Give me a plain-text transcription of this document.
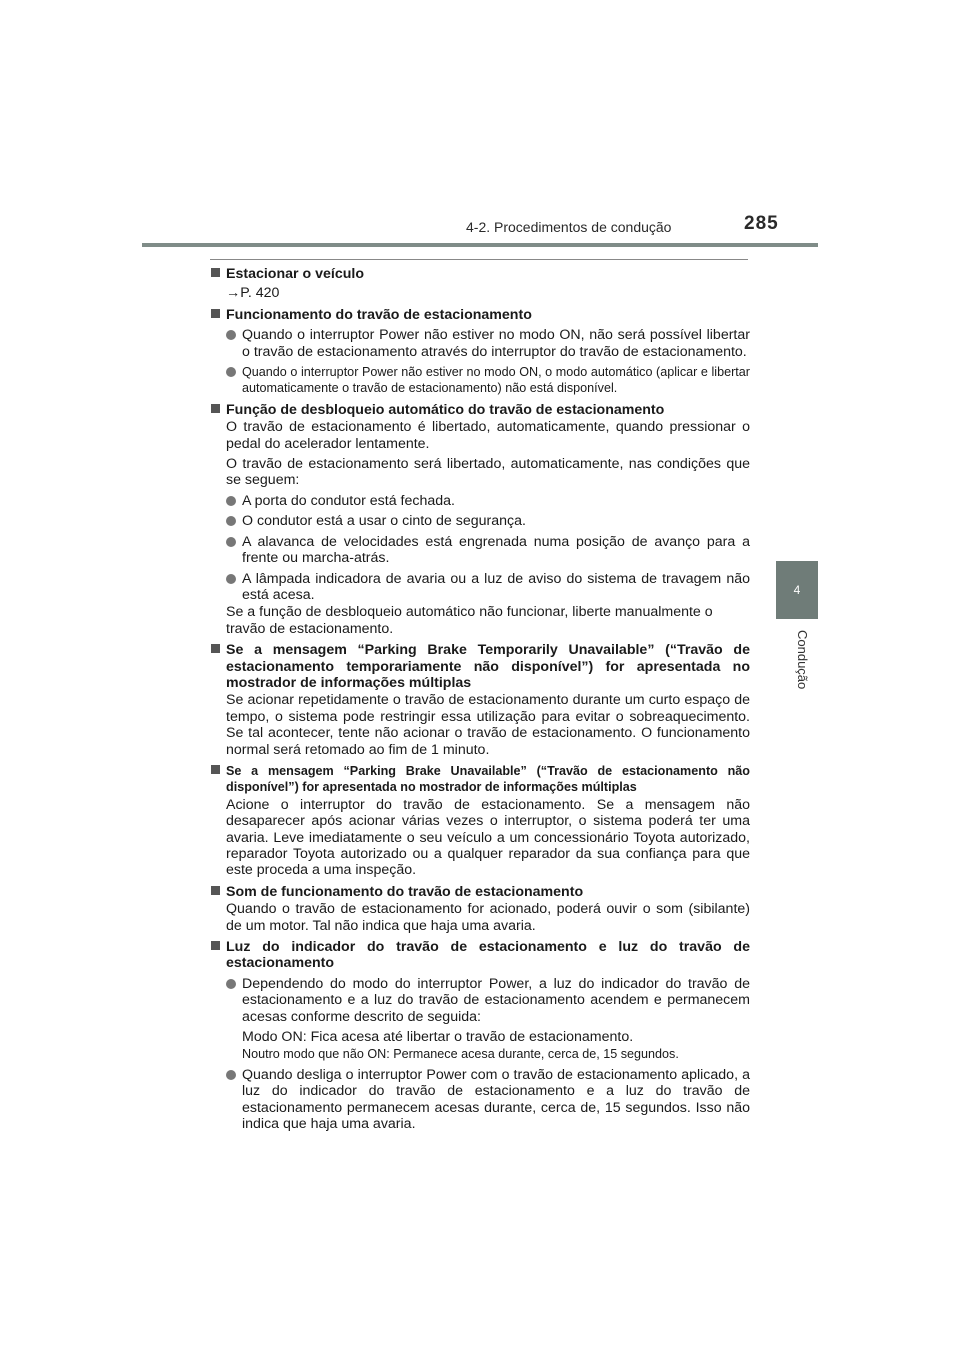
4-2. Procedimentos de condução	285
4
Condução
Estacionar o veículo
→P. 420
Funcionamento do travão de estacionamento
Quando o interruptor Power não estiver no modo ON, não será possível libertar o travão de estacionamento através do interruptor do travão de estacionamento.
Quando o interruptor Power não estiver no modo ON, o modo automático (aplicar e libertar automaticamente o travão de estacionamento) não está disponível.
Função de desbloqueio automático do travão de estacionamento
O travão de estacionamento é libertado, automaticamente, quando pressionar o pedal do acelerador lentamente.
O travão de estacionamento será libertado, automaticamente, nas condições que se seguem:
A porta do condutor está fechada.
O condutor está a usar o cinto de segurança.
A alavanca de velocidades está engrenada numa posição de avanço para a frente ou marcha-atrás.
A lâmpada indicadora de avaria ou a luz de aviso do sistema de travagem não está acesa.
Se a função de desbloqueio automático não funcionar, liberte manualmente o travão de estacionamento.
Se a mensagem “Parking Brake Temporarily Unavailable” (“Travão de estacionamento temporariamente não disponível”) for apresentada no mostrador de informações múltiplas
Se acionar repetidamente o travão de estacionamento durante um curto espaço de tempo, o sistema pode restringir essa utilização para evitar o sobreaquecimento. Se tal acontecer, tente não acionar o travão de estacionamento. O funcionamento normal será retomado ao fim de 1 minuto.
Se a mensagem “Parking Brake Unavailable” (“Travão de estacionamento não disponível”) for apresentada no mostrador de informações múltiplas
Acione o interruptor do travão de estacionamento. Se a mensagem não desaparecer após acionar várias vezes o interruptor, o sistema poderá ter uma avaria. Leve imediatamente o seu veículo a um concessionário Toyota autorizado, reparador Toyota autorizado ou a qualquer reparador da sua confiança para que este proceda a uma inspeção.
Som de funcionamento do travão de estacionamento
Quando o travão de estacionamento for acionado, poderá ouvir o som (sibilante) de um motor. Tal não indica que haja uma avaria.
Luz do indicador do travão de estacionamento e luz do travão de estacionamento
Dependendo do modo do interruptor Power, a luz do indicador do travão de estacionamento e a luz do travão de estacionamento acendem e permanecem acesas conforme descrito de seguida:
Modo ON: Fica acesa até libertar o travão de estacionamento.
Noutro modo que não ON: Permanece acesa durante, cerca de, 15 segundos.
Quando desliga o interruptor Power com o travão de estacionamento aplicado, a luz do indicador do travão de estacionamento e a luz do travão de estacionamento permanecem acesas durante, cerca de, 15 segundos. Isso não indica que haja uma avaria.
